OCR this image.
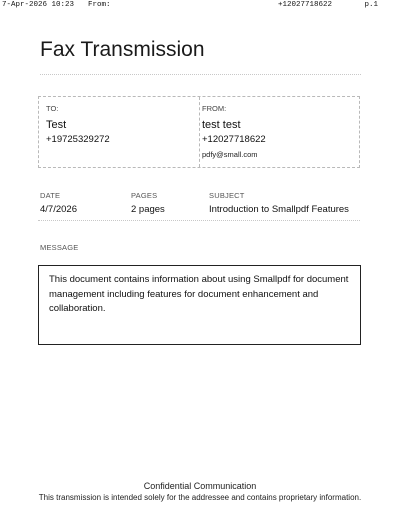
7-Apr-2026 10:23 From:	+12027718622	p.1
Fax Transmission
TO:
Test
+19725329272
FROM:
test test
+12027718622
pdfy@small.com
DATE
4/7/2026
PAGES
2 pages
SUBJECT
Introduction to Smallpdf Features
MESSAGE

This document contains information about using Smallpdf for document management including features for document enhancement and collaboration.

Confidential Communication
This transmission is intended solely for the addressee and contains proprietary information.
